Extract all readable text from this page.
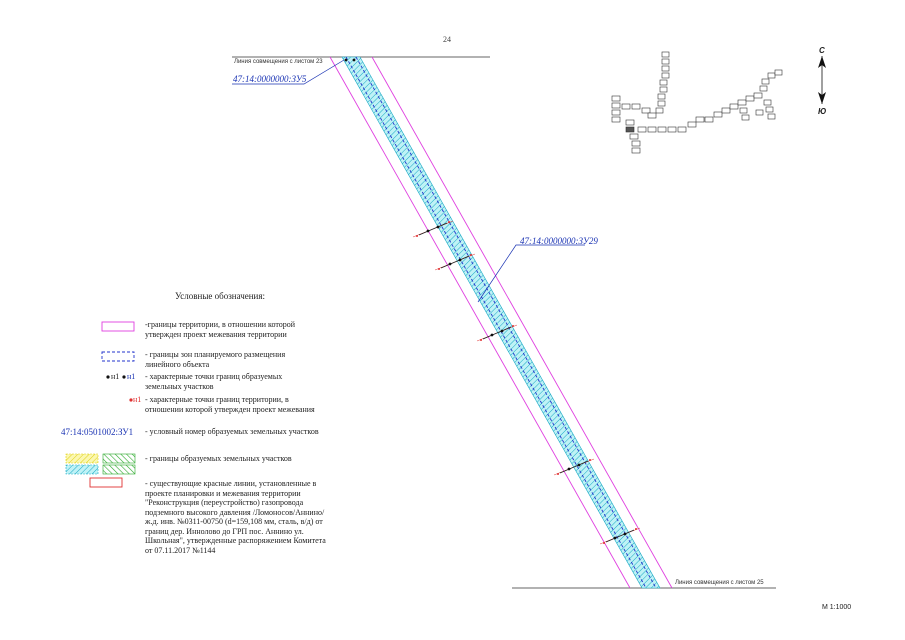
24
Линия совмещения с листом 23
Линия совмещения с листом 25
47:14:0000000:ЗУ5
47:14:0000000:ЗУ29
С
Ю
М 1:1000
Условные обозначения:
-границы территории, в отношении которой утвержден проект межевания территории
- границы зон планируемого размещения линейного объекта
н1 н1 - характерные точки границ образуемых земельных участков
н1 - характерные точки границ территории, в отношении которой утвержден проект межевания
47:14:0501002:ЗУ1 - условный номер образуемых земельных участков
- границы образуемых земельных участков
- существующие красные линии, установленные в проекте планировки и межевания территории "Реконструкция (переустройство) газопровода подземного высокого давления /Ломоносов/Аннино/ ж.д. инв. №0311-00750 (d=159,108 мм, сталь, в/д) от границ дер. Иннолово до ГРП пос. Аннино ул. Школьная", утвержденные распоряжением Комитета от 07.11.2017 №1144
